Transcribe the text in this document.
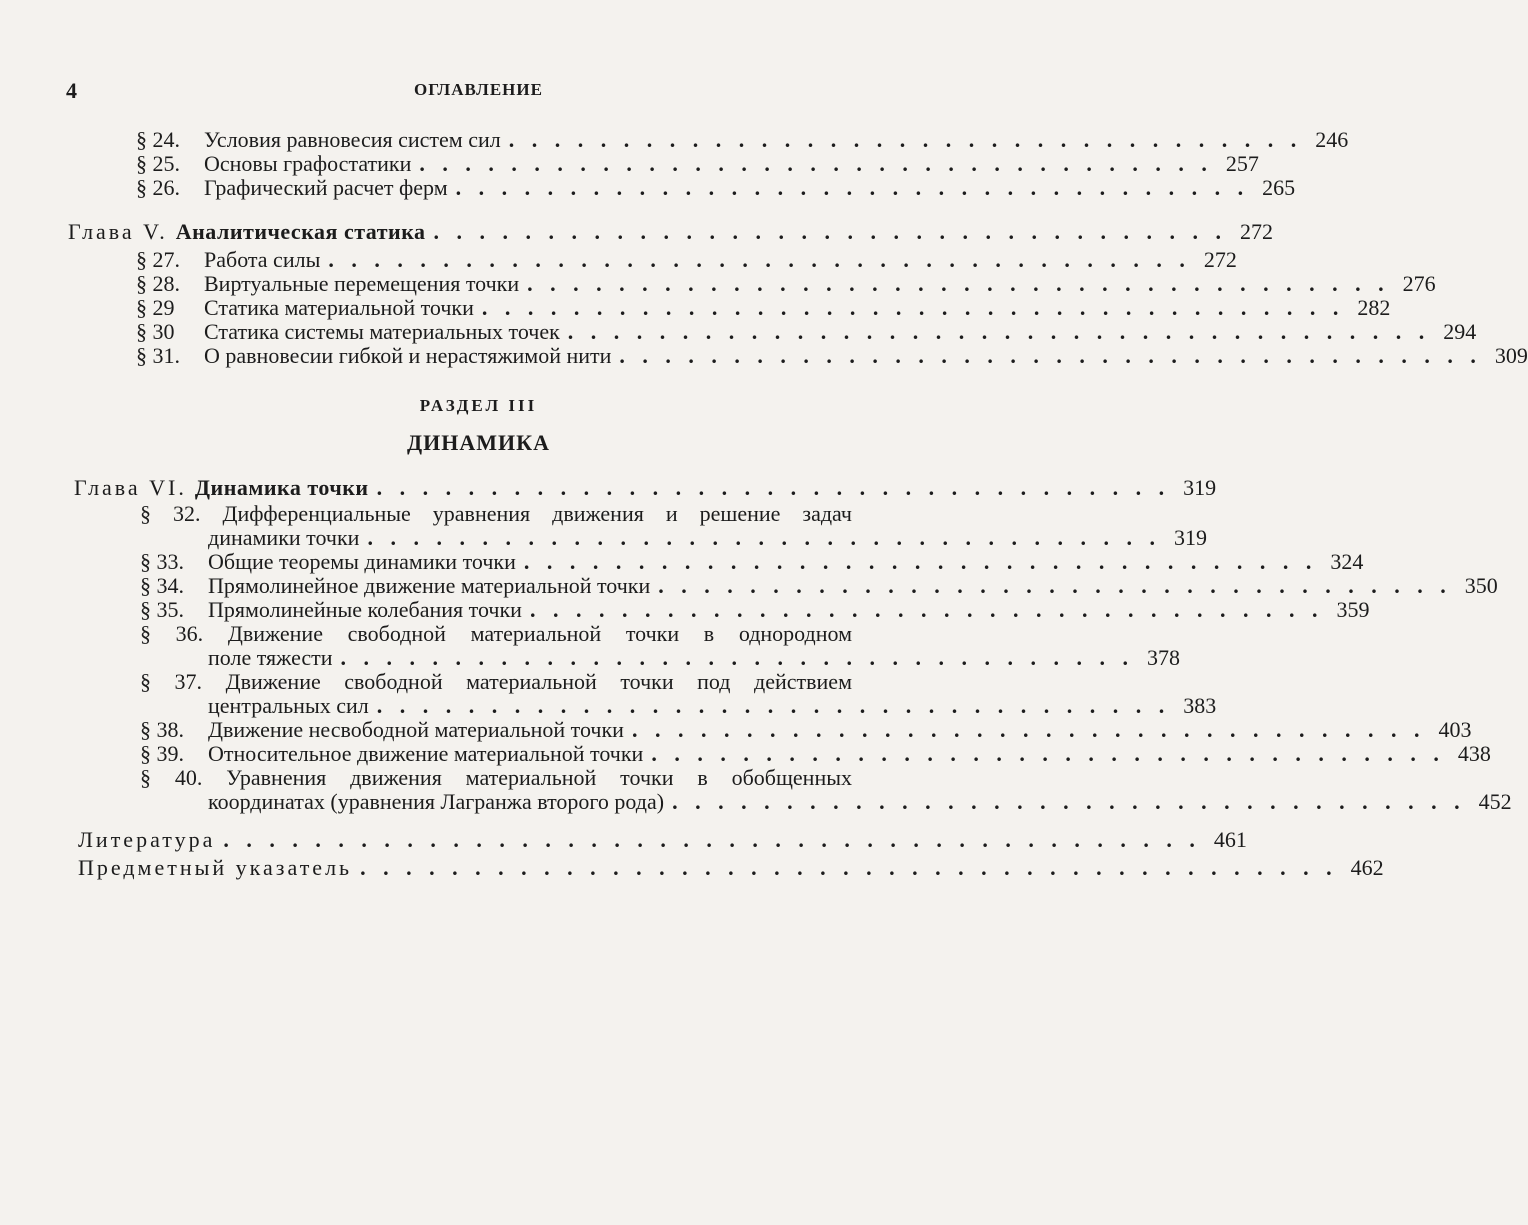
4	ОГЛАВЛЕНИЕ
§ 24.	Условия равновесия систем сил . . . . . . . . . . . . . . . . . . . . . . . . . . . . . . . . . . . 246
§ 25.	Основы графостатики . . . . . . . . . . . . . . . . . . . . . . . . . . . . . . . . . . . 257
§ 26.	Графический расчет ферм . . . . . . . . . . . . . . . . . . . . . . . . . . . . . . . . . . . 265
Глава V. Аналитическая статика . . . . . . . . . . . . . . . . . . . . . . . . . . . . . . . . . . . 272
§ 27.	Работа силы . . . . . . . . . . . . . . . . . . . . . . . . . . . . . . . . . . . . . . 272
§ 28.	Виртуальные перемещения точки . . . . . . . . . . . . . . . . . . . . . . . . . . . . . . . . . . . . . . 276
§ 29	Статика материальной точки . . . . . . . . . . . . . . . . . . . . . . . . . . . . . . . . . . . . . . 282
§ 30	Статика системы материальных точек . . . . . . . . . . . . . . . . . . . . . . . . . . . . . . . . . . . . . . 294
§ 31.	О равновесии гибкой и нерастяжимой нити . . . . . . . . . . . . . . . . . . . . . . . . . . . . . . . . . . . . . . 309
РАЗДЕЛ III
ДИНАМИКА
Глава VI. Динамика точки . . . . . . . . . . . . . . . . . . . . . . . . . . . . . . . . . . . 319
§ 32. Дифференциальные уравнения движения и решение задач
динамики точки . . . . . . . . . . . . . . . . . . . . . . . . . . . . . . . . . . . 319
§ 33.	Общие теоремы динамики точки . . . . . . . . . . . . . . . . . . . . . . . . . . . . . . . . . . . 324
§ 34.	Прямолинейное движение материальной точки . . . . . . . . . . . . . . . . . . . . . . . . . . . . . . . . . . . 350
§ 35.	Прямолинейные колебания точки . . . . . . . . . . . . . . . . . . . . . . . . . . . . . . . . . . . 359
§ 36. Движение свободной материальной точки в однородном
поле тяжести . . . . . . . . . . . . . . . . . . . . . . . . . . . . . . . . . . . 378
§ 37. Движение свободной материальной точки под действием
центральных сил . . . . . . . . . . . . . . . . . . . . . . . . . . . . . . . . . . . 383
§ 38.	Движение несвободной материальной точки . . . . . . . . . . . . . . . . . . . . . . . . . . . . . . . . . . . 403
§ 39.	Относительное движение материальной точки . . . . . . . . . . . . . . . . . . . . . . . . . . . . . . . . . . . 438
§ 40. Уравнения движения материальной точки в обобщенных
координатах (уравнения Лагранжа второго рода) . . . . . . . . . . . . . . . . . . . . . . . . . . . . . . . . . . . 452
Литература . . . . . . . . . . . . . . . . . . . . . . . . . . . . . . . . . . . . . . . . . . . 461
Предметный указатель . . . . . . . . . . . . . . . . . . . . . . . . . . . . . . . . . . . . . . . . . . . 462
